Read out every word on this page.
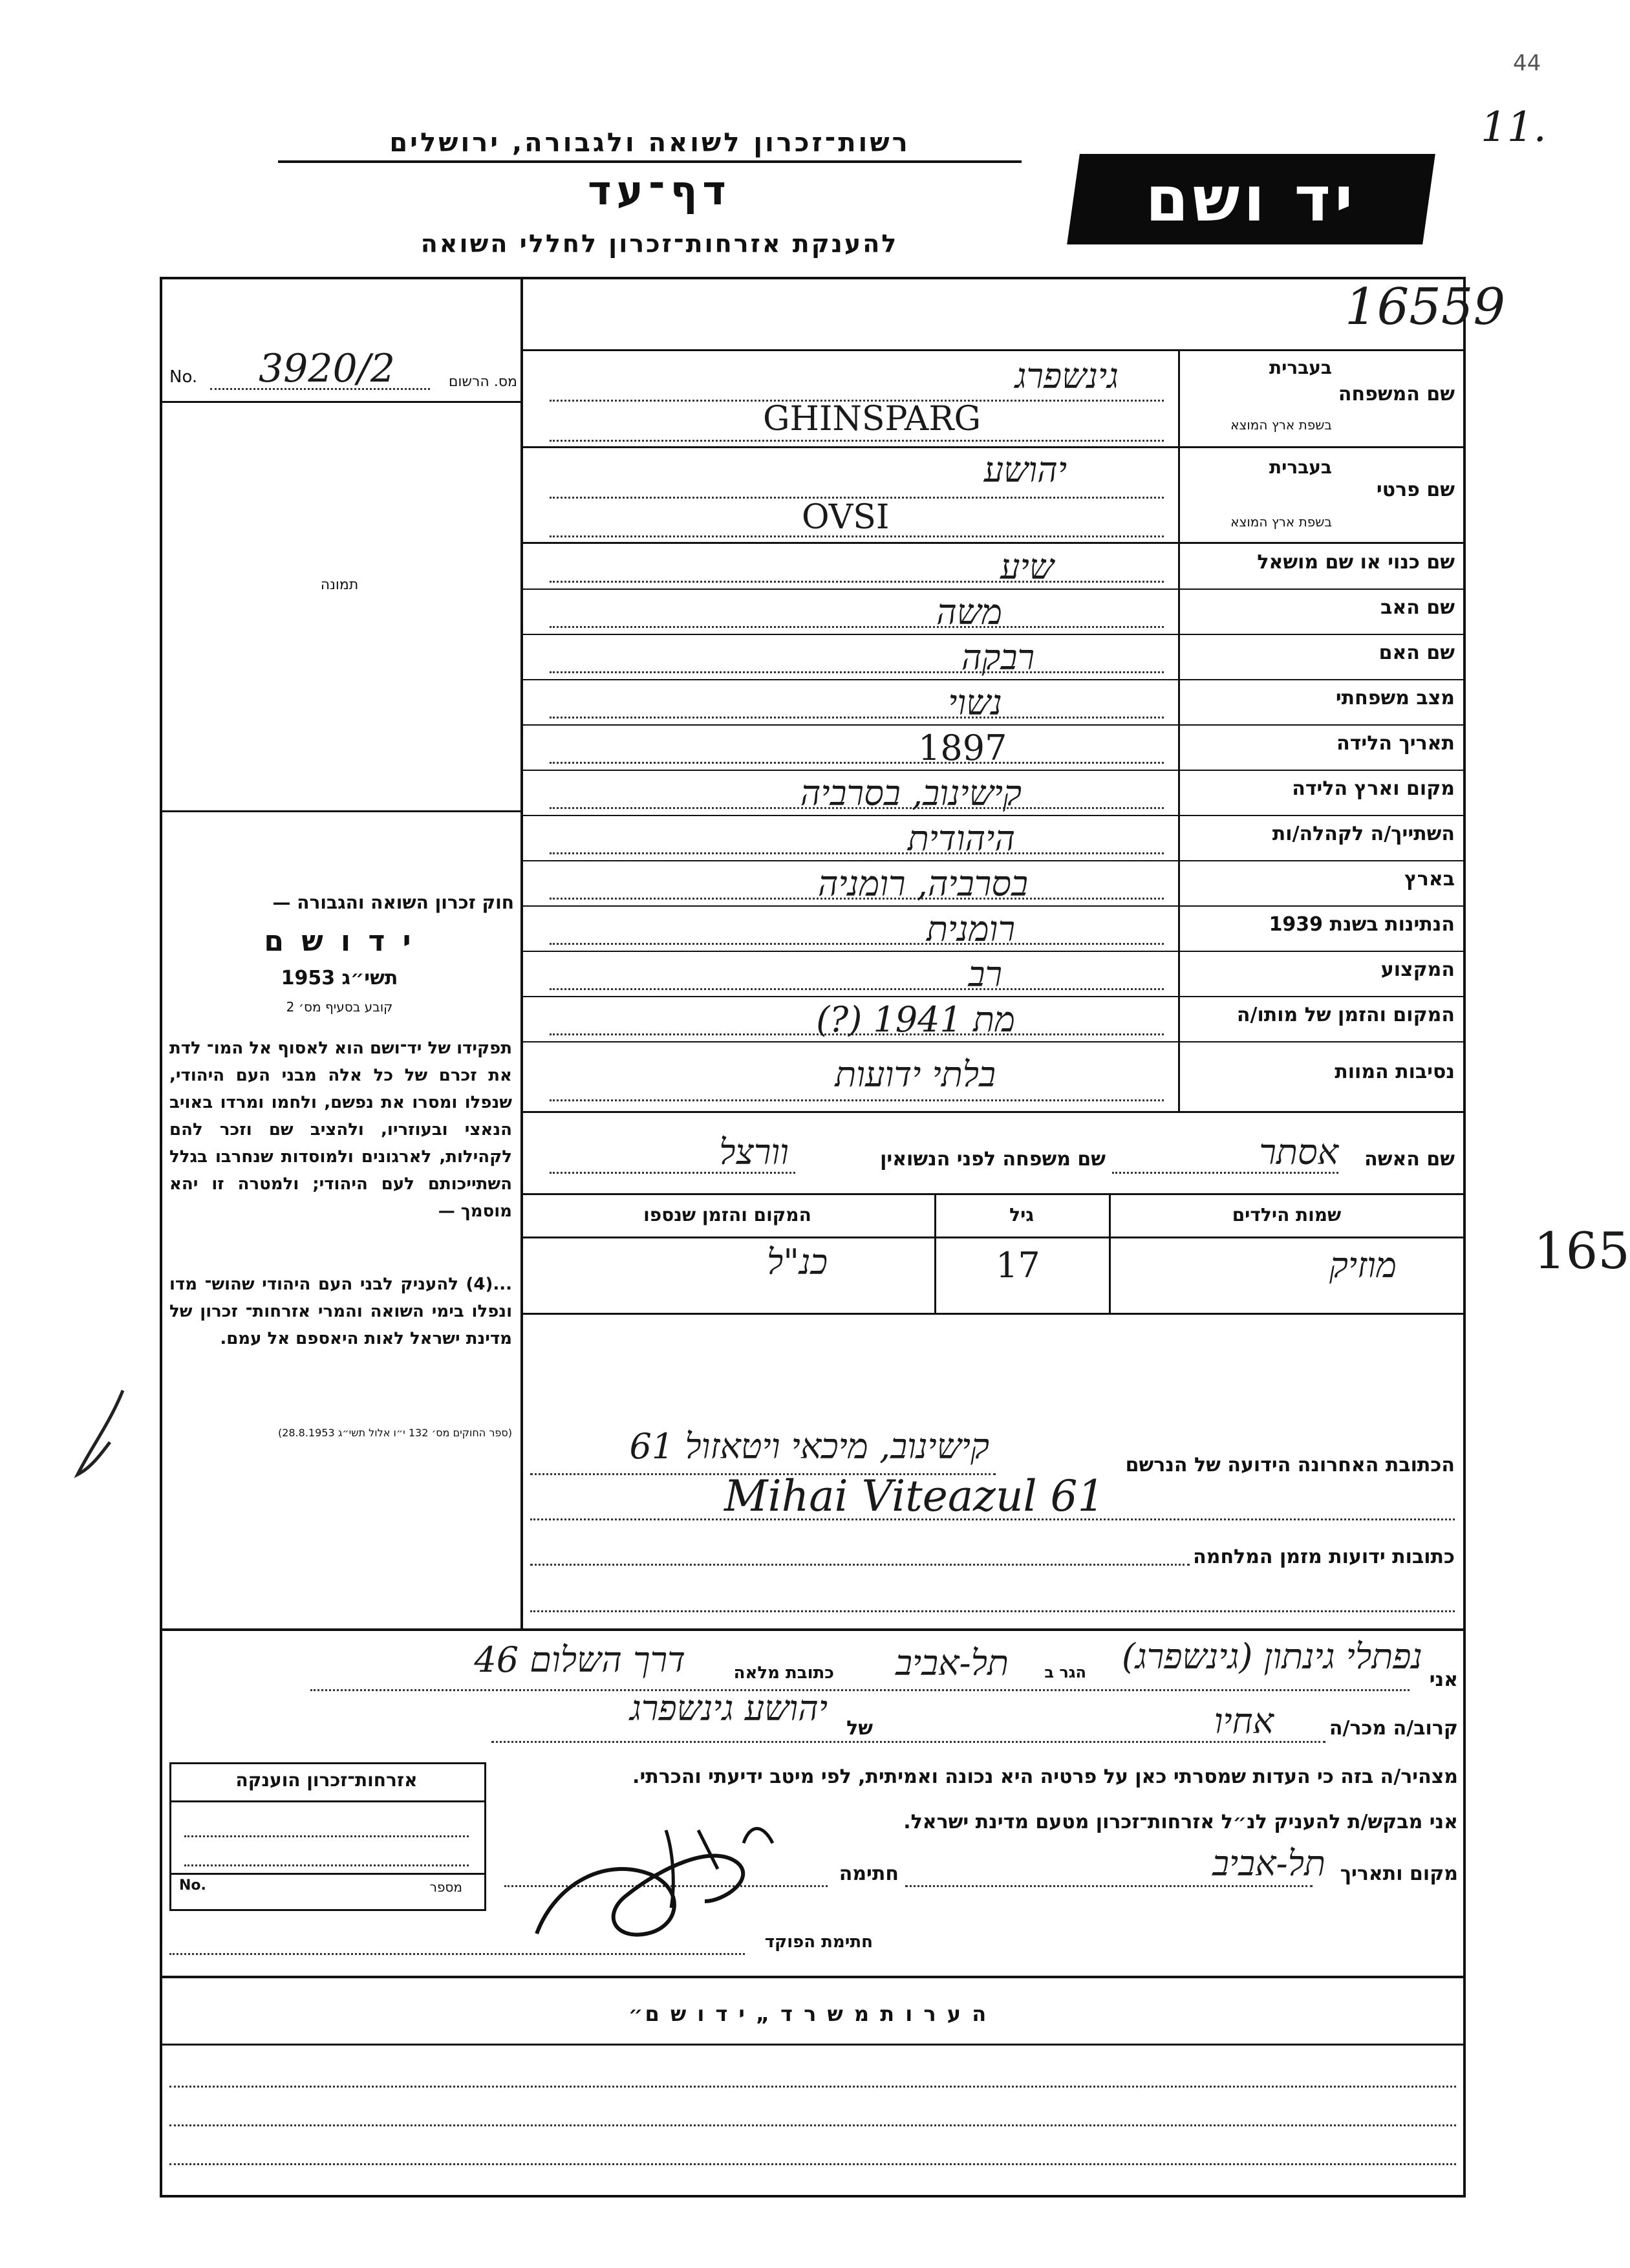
רשות־זכרון לשואה ולגבורה, ירושלים
דף־עד
להענקת אזרחות־זכרון לחללי השואה
יד ושם
44
11.
165
16559
No. 3920/2	מס. הרשום
תמונה
בעברית
שם המשפחה
בשפת ארץ המוצא
בעברית
שם פרטי
בשפת ארץ המוצא
שם כנוי או שם מושאל
שם האב
שם האם
מצב משפחתי
תאריך הלידה
מקום וארץ הלידה
השתייך/ה לקהלה/ות
בארץ
הנתינות בשנת 1939
המקצוע
המקום והזמן של מותו/ה
נסיבות המוות
גינשפרג
GHINSPARG
יהושע
OVSI
שיע
משה
רבקה
נשוי
1897
קישינוב, בסרביה
היהודית
בסרביה, רומניה
רומנית
רב
מת 1941 (?)
בלתי ידועות
שם האשה
אסתר
שם משפחה לפני הנשואין
וורצל
שמות הילדים
גיל
המקום והזמן שנספו
מוזיק
17
כנ"ל
חוק זכרון השואה והגבורה —
י ד ו ש ם
תשי״ג 1953
קובע בסעיף מס׳ 2
תפקידו של יד־ושם הוא לאסוף אל המו־ לדת את זכרם של כל אלה מבני העם היהודי, שנפלו ומסרו את נפשם, ולחמו ומרדו באויב הנאצי ובעוזריו, ולהציב שם וזכר להם לקהילות, לארגונים ולמוסדות שנחרבו בגלל השתייכותם לעם היהודי; ולמטרה זו יהא מוסמך —
...(4) להעניק לבני העם היהודי שהוש־ מדו ונפלו בימי השואה והמרי אזרחות־ זכרון של מדינת ישראל לאות היאספם אל עמם.
(ספר החוקים מס׳ 132 י״ו אלול תשי״ג 28.8.1953)
הכתובת האחרונה הידועה של הנרשם
קישינוב, מיכאי ויטאזול 61
Mihai Viteazul 61
כתובות ידועות מזמן המלחמה
אני
נפתלי גינתון (גינשפרג)
הגר ב
תל-אביב
כתובת מלאה
דרך השלום 46
קרוב/ה מכר/ה
אחיו
של
יהושע גינשפרג
מצהיר/ה בזה כי העדות שמסרתי כאן על פרטיה היא נכונה ואמיתית, לפי מיטב ידיעתי והכרתי.
אני מבקש/ת להעניק לנ״ל אזרחות־זכרון מטעם מדינת ישראל.
מקום ותאריך
תל-אביב
חתימה
חתימת הפוקד
אזרחות־זכרון הוענקה
No.	מספר
ה ע ר ו ת מ ש ר ד „ י ד ו ש ם״
